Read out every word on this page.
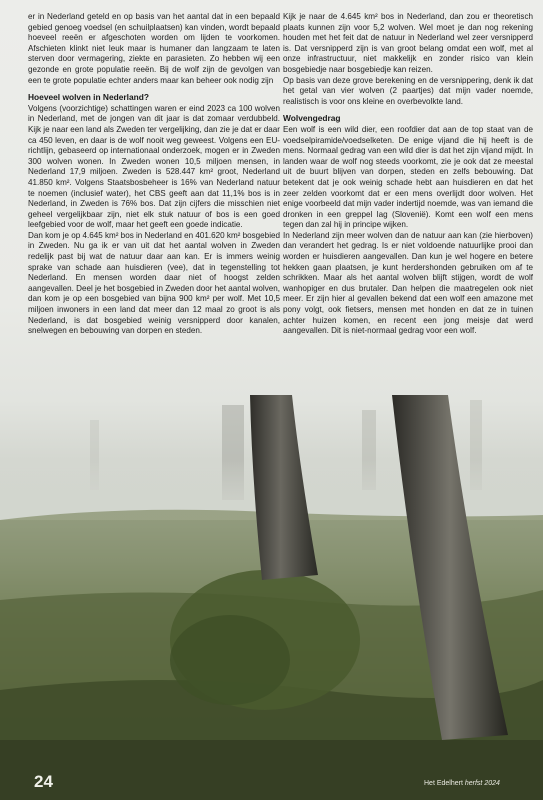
er in Nederland geteld en op basis van het aantal dat in een bepaald gebied genoeg voedsel (en schuilplaatsen) kan vinden, wordt bepaald hoeveel reeën er afgeschoten worden om lijden te voorkomen. Afschieten klinkt niet leuk maar is humaner dan langzaam te laten sterven door vermagering, ziekte en parasieten. Zo hebben wij een gezonde en grote populatie reeën. Bij de wolf zijn de gevolgen van een te grote populatie echter anders maar kan beheer ook nodig zijn

Hoeveel wolven in Nederland?

Volgens (voorzichtige) schattingen waren er eind 2023 ca 100 wolven in Nederland, met de jongen van dit jaar is dat zomaar verdubbeld. Kijk je naar een land als Zweden ter vergelijking, dan zie je dat er daar ca 450 leven, en daar is de wolf nooit weg geweest. Volgens een EU-richtlijn, gebaseerd op internationaal onderzoek, mogen er in Zweden 300 wolven wonen. In Zweden wonen 10,5 miljoen mensen, in Nederland 17,9 miljoen. Zweden is 528.447 km² groot, Nederland 41.850 km². Volgens Staatsbosbeheer is 16% van Nederland natuur te noemen (inclusief water), het CBS geeft aan dat 11,1% bos is in Nederland, in Zweden is 76% bos. Dat zijn cijfers die misschien niet geheel vergelijkbaar zijn, niet elk stuk natuur of bos is een goed leefgebied voor de wolf, maar het geeft een goede indicatie.

Dan kom je op 4.645 km² bos in Nederland en 401.620 km² bosgebied in Zweden. Nu ga ik er van uit dat het aantal wolven in Zweden redelijk past bij wat de natuur daar aan kan. Er is immers weinig sprake van schade aan huisdieren (vee), dat in tegenstelling tot Nederland. En mensen worden daar niet of hoogst zelden aangevallen. Deel je het bosgebied in Zweden door het aantal wolven, dan kom je op een bosgebied van bijna 900 km² per wolf. Met 10,5 miljoen inwoners in een land dat meer dan 12 maal zo groot is als Nederland, is dat bosgebied weinig versnipperd door kanalen, snelwegen en bebouwing van dorpen en steden.

Kijk je naar de 4.645 km² bos in Nederland, dan zou er theoretisch plaats kunnen zijn voor 5,2 wolven. Wel moet je dan nog rekening houden met het feit dat de natuur in Nederland wel zeer versnipperd is. Dat versnipperd zijn is van groot belang omdat een wolf, met al onze infrastructuur, niet makkelijk en zonder risico van klein bosgebiedje naar bosgebiedje kan reizen.

Op basis van deze grove berekening en de versnippering, denk ik dat het getal van vier wolven (2 paartjes) dat mijn vader noemde, realistisch is voor ons kleine en overbevolkte land.

Wolvengedrag

Een wolf is een wild dier, een roofdier dat aan de top staat van de voedselpiramide/voedselketen. De enige vijand die hij heeft is de mens. Normaal gedrag van een wild dier is dat het zijn vijand mijdt. In landen waar de wolf nog steeds voorkomt, zie je ook dat ze meestal uit de buurt blijven van dorpen, steden en zelfs bebouwing. Dat betekent dat je ook weinig schade hebt aan huisdieren en dat het zeer zelden voorkomt dat er een mens overlijdt door wolven. Het enige voorbeeld dat mijn vader indertijd noemde, was van iemand die dronken in een greppel lag (Slovenië). Komt een wolf een mens tegen dan zal hij in principe wijken.

In Nederland zijn meer wolven dan de natuur aan kan (zie hierboven) dan verandert het gedrag. Is er niet voldoende natuurlijke prooi dan worden er huisdieren aangevallen. Dan kun je wel hogere en betere hekken gaan plaatsen, je kunt herdershonden gebruiken om af te schrikken. Maar als het aantal wolven blijft stijgen, wordt de wolf wanhopiger en dus brutaler. Dan helpen die maatregelen ook niet meer. Er zijn hier al gevallen bekend dat een wolf een amazone met pony volgt, ook fietsers, mensen met honden en dat ze in tuinen achter huizen komen, en recent een jong meisje dat werd aangevallen. Dit is niet-normaal gedrag voor een wolf.

24	Het Edelhert herfst 2024
